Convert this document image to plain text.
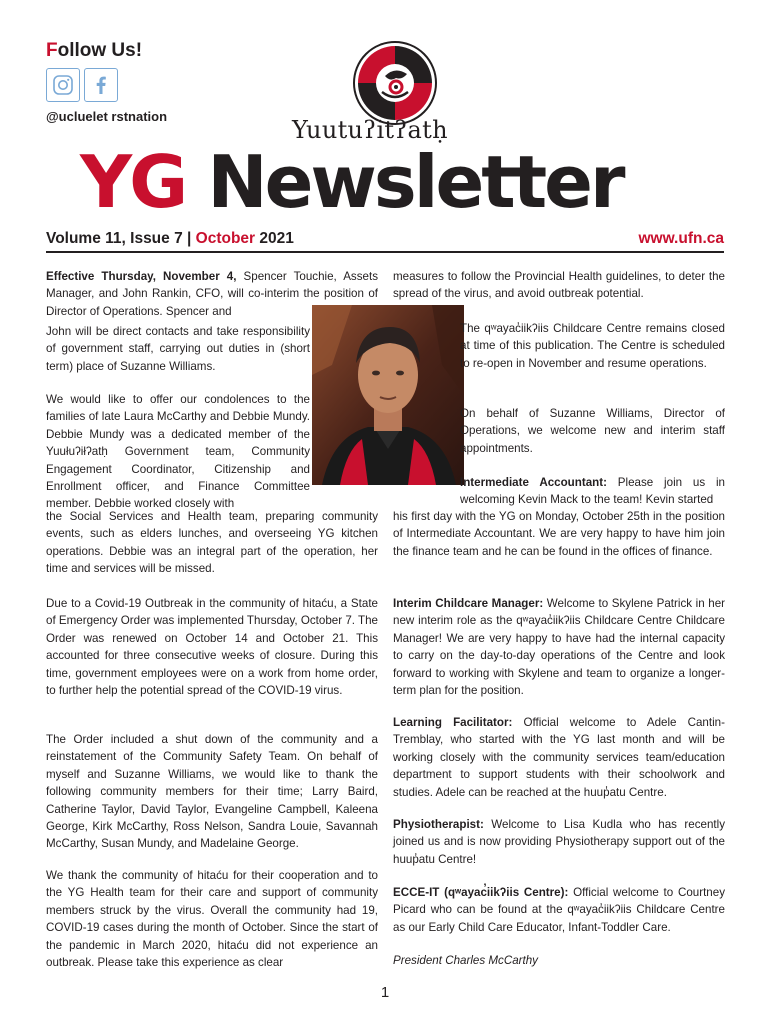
Follow Us!
@ucluelet rstnation	Yuutuʔitʔatḥ
YG Newsletter
Volume 11, Issue 7 | October 2021	www.ufn.ca
Effective Thursday, November 4, Spencer Touchie, Assets Manager, and John Rankin, CFO, will co-interim the position of Director of Operations. Spencer and
John will be direct contacts and take responsibility of government staff, carrying out duties in (short term) place of Suzanne Williams.
We would like to offer our condolences to the families of late Laura McCarthy and Debbie Mundy. Debbie Mundy was a dedicated member of the Yuułuʔiłʔatḥ Government team, Community Engagement Coordinator, Citizenship and Enrollment officer, and Finance Committee member. Debbie worked closely with
the Social Services and Health team, preparing community events, such as elders lunches, and overseeing YG kitchen operations. Debbie was an integral part of the operation, her time and services will be missed.
Due to a Covid-19 Outbreak in the community of hitaću, a State of Emergency Order was implemented Thursday, October 7. The Order was renewed on October 14 and October 21. This accounted for three consecutive weeks of closure. During this time, government employees were on a work from home order, to further help the potential spread of the COVID-19 virus.
The Order included a shut down of the community and a reinstatement of the Community Safety Team. On behalf of myself and Suzanne Williams, we would like to thank the following community members for their time; Larry Baird, Catherine Taylor, David Taylor, Evangeline Campbell, Kaleena George, Kirk McCarthy, Ross Nelson, Sandra Louie, Savannah McCarthy, Susan Mundy, and Madelaine George.
We thank the community of hitaću for their cooperation and to the YG Health team for their care and support of community members struck by the virus. Overall the community had 19, COVID-19 cases during the month of October. Since the start of the pandemic in March 2020, hitaću did not experience an outbreak. Please take this experience as clear
measures to follow the Provincial Health guidelines, to deter the spread of the virus, and avoid outbreak potential.
The qʷayac̓iikʔiis Childcare Centre remains closed at time of this publication. The Centre is scheduled to re-open in November and resume operations.
On behalf of Suzanne Williams, Director of Operations, we welcome new and interim staff appointments.
Intermediate Accountant: Please join us in welcoming Kevin Mack to the team! Kevin started
his first day with the YG on Monday, October 25th in the position of Intermediate Accountant. We are very happy to have him join the finance team and he can be found in the offices of finance.
Interim Childcare Manager: Welcome to Skylene Patrick in her new interim role as the qʷayac̓iikʔiis Childcare Centre Childcare Manager! We are very happy to have had the internal capacity to carry on the day-to-day operations of the Centre and look forward to working with Skylene and team to organize a longer-term plan for the position.
Learning Facilitator: Official welcome to Adele Cantin-Tremblay, who started with the YG last month and will be working closely with the community services team/education department to support students with their schoolwork and studies. Adele can be reached at the huup̓atu Centre.
Physiotherapist: Welcome to Lisa Kudla who has recently joined us and is now providing Physiotherapy support out of the huup̓atu Centre!
ECCE-IT (qʷayac̓iikʔiis Centre): Official welcome to Courtney Picard who can be found at the qʷayac̓iikʔiis Childcare Centre as our Early Child Care Educator, Infant-Toddler Care.
President Charles McCarthy
1
